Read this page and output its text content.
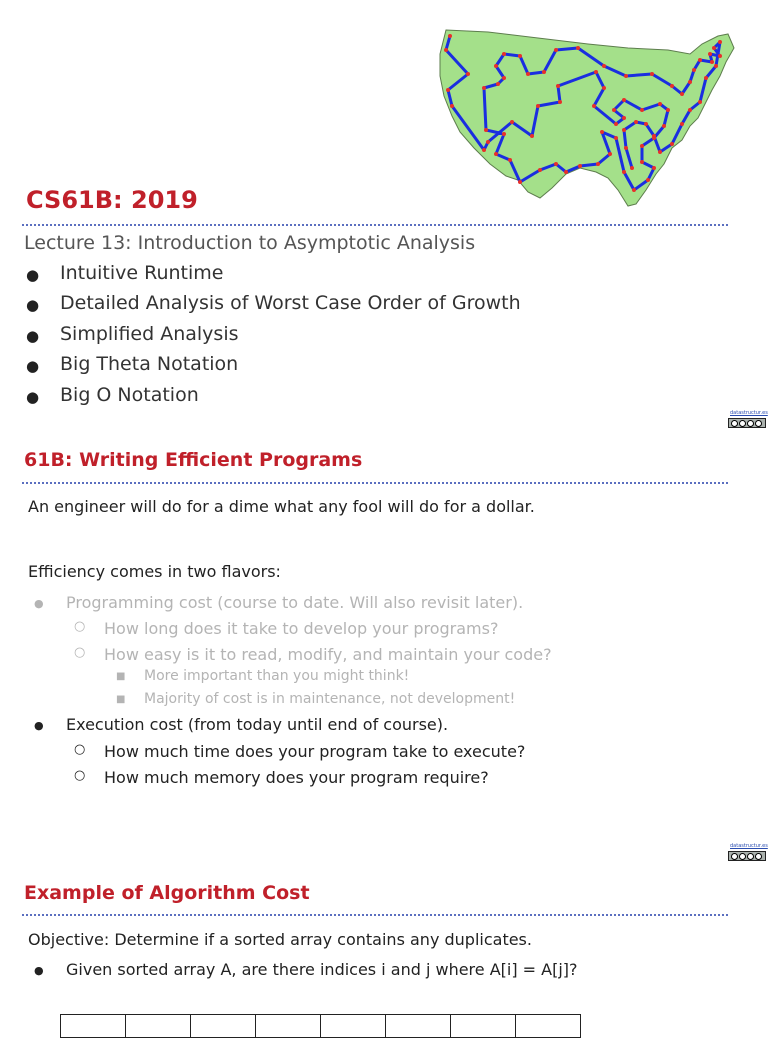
CS61B: 2019
Lecture 13: Introduction to Asymptotic Analysis
● Intuitive Runtime
● Detailed Analysis of Worst Case Order of Growth
● Simplified Analysis
● Big Theta Notation
● Big O Notation
datastructur.es
61B: Writing Efficient Programs
An engineer will do for a dime what any fool will do for a dollar.
Efficiency comes in two flavors:
● Programming cost (course to date. Will also revisit later).
○ How long does it take to develop your programs?
○ How easy is it to read, modify, and maintain your code?
■ More important than you might think!
■ Majority of cost is in maintenance, not development!
● Execution cost (from today until end of course).
○ How much time does your program take to execute?
○ How much memory does your program require?
datastructur.es
Example of Algorithm Cost
Objective: Determine if a sorted array contains any duplicates.
● Given sorted array A, are there indices i and j where A[i] = A[j]?
